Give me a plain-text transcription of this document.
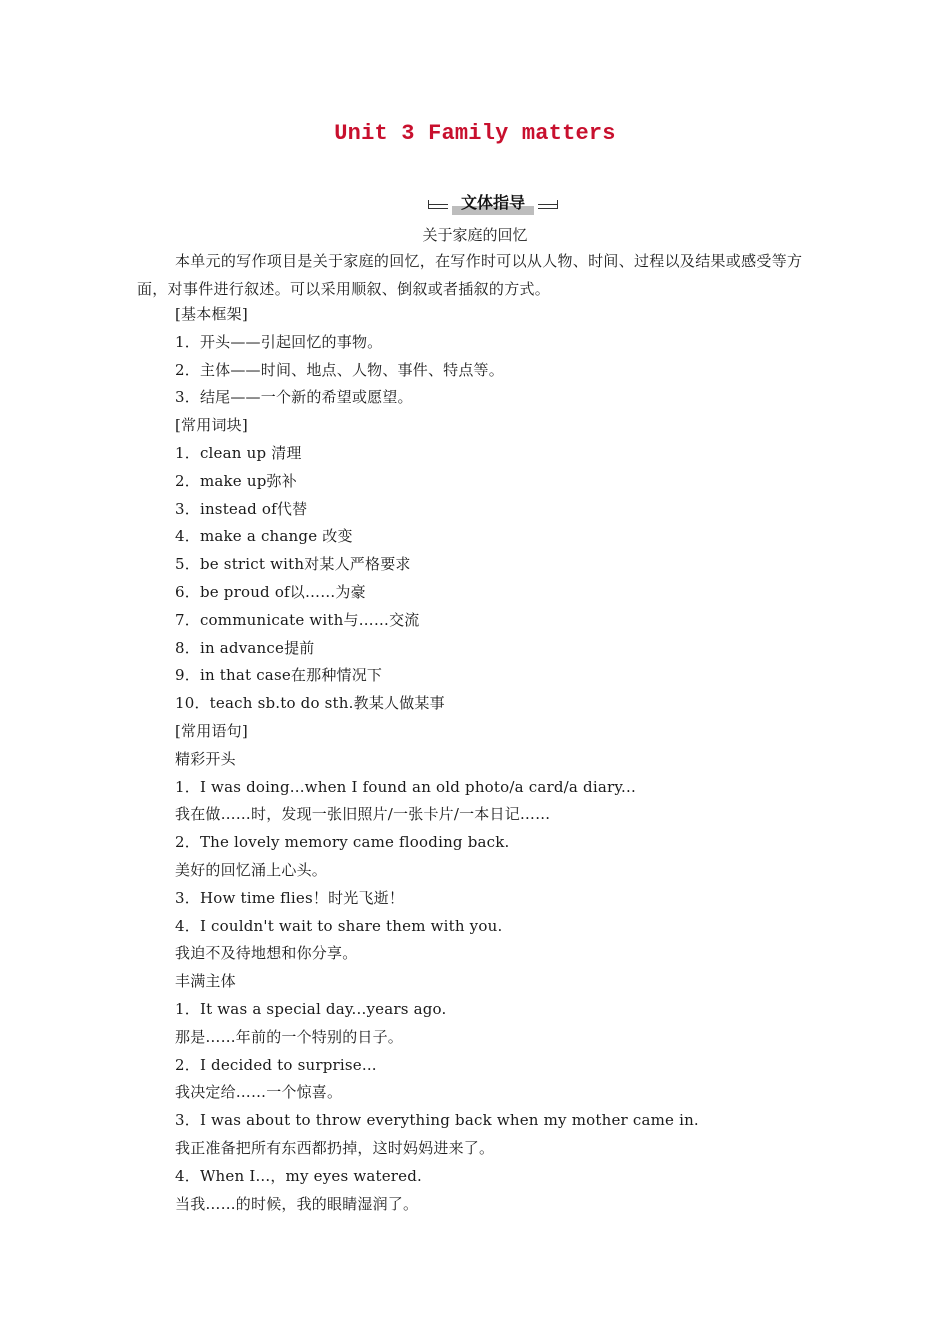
Unit 3 Family matters
文体指导
关于家庭的回忆
本单元的写作项目是关于家庭的回忆，在写作时可以从人物、时间、过程以及结果或感受等方面，对事件进行叙述。可以采用顺叙、倒叙或者插叙的方式。
[基本框架]
1．开头——引起回忆的事物。
2．主体——时间、地点、人物、事件、特点等。
3．结尾——一个新的希望或愿望。
[常用词块]
1．clean up 清理
2．make up弥补
3．instead of代替
4．make a change 改变
5．be strict with对某人严格要求
6．be proud of以……为豪
7．communicate with与……交流
8．in advance提前
9．in that case在那种情况下
10．teach sb.to do sth.教某人做某事
[常用语句]
精彩开头
1．I was doing...when I found an old photo/a card/a diary...
我在做……时，发现一张旧照片/一张卡片/一本日记……
2．The lovely memory came flooding back.
美好的回忆涌上心头。
3．How time flies！时光飞逝！
4．I couldn't wait to share them with you.
我迫不及待地想和你分享。
丰满主体
1．It was a special day...years ago.
那是……年前的一个特别的日子。
2．I decided to surprise...
我决定给……一个惊喜。
3．I was about to throw everything back when my mother came in.
我正准备把所有东西都扔掉，这时妈妈进来了。
4．When I...，my eyes watered.
当我……的时候，我的眼睛湿润了。
